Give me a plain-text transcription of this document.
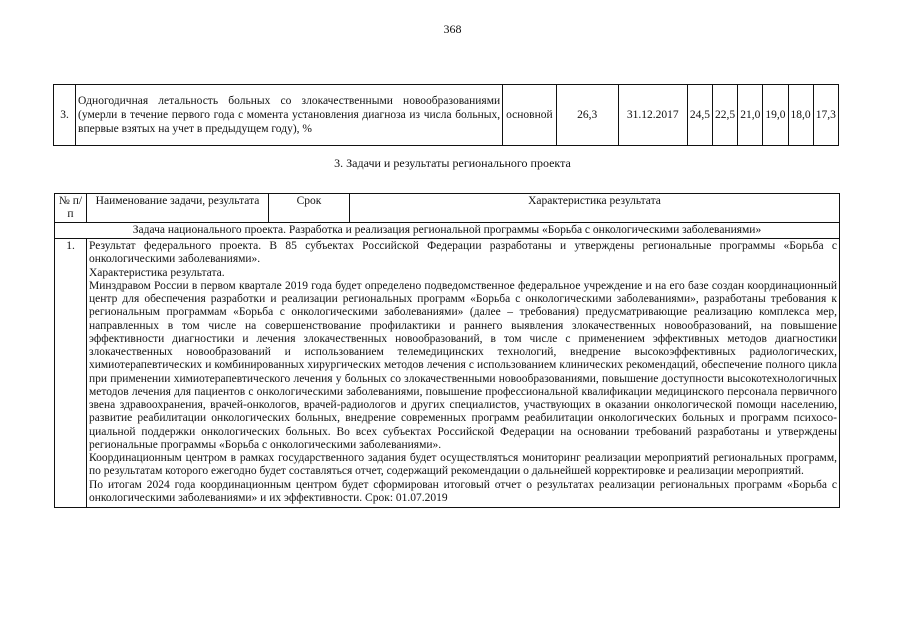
368
3.	Одногодичная летальность больных со злокачественными новообразованиями (умерли в течение первого года с момента установления диагноза из числа больных, впервые взятых на учет в предыдущем году), %	основной	26,3	31.12.2017	24,5	22,5	21,0	19,0	18,0	17,3
3. Задачи и результаты регионального проекта
№ п/п	Наименование задачи, результата	Срок	Характеристика результата
Задача национального проекта. Разработка и реализация региональной программы «Борьба с онкологическими заболеваниями»			
1.	Результат федерального проекта. В 85 субъектах Российской Федерации разработаны и утверждены региональные программы «Борьба с онкологическими заболеваниями».

Характеристика результата.

Минздравом России в первом квартале 2019 года будет определено подведомственное федеральное учреждение и на его базе создан координационный центр для обеспечения разработки и реализации региональных программ «Борьба с онкологическими заболеваниями», разработаны требования к региональным программам «Борьба с онкологическими заболеваниями» (далее – требования) предусматривающие реализацию комплекса мер, направленных в том числе на совершенствование профилактики и раннего выявления злокачественных новообразований, на повышение эффективности диагностики и лечения злокачественных новообразований, в том числе с применением эффективных методов диагностики злокачественных новообразований и использованием телемедицинских технологий, внедрение высокоэффективных радиологических, химиотерапевтических и комбинированных хирургических методов лечения с использованием клинических рекомендаций, обеспечение полного цикла при применении химиотерапевтического лечения у больных со злокачественными новообразованиями, повышение доступности высокотехнологичных методов лечения для пациентов с онкологическими заболеваниями, повышение профессиональной квалификации медицинского персонала первичного звена здравоохранения, врачей-онкологов, врачей-радиологов и других специалистов, участвующих в оказании онкологической помощи населению, развитие реабилитации онкологических больных, внедрение современных программ реабилитации онкологических больных и программ психосоциальной поддержки онкологических больных. Во всех субъектах Российской Федерации на основании требований разработаны и утверждены региональные программы «Борьба с онкологическими заболеваниями».

Координационным центром в рамках государственного задания будет осуществляться мониторинг реализации мероприятий региональных программ, по результатам которого ежегодно будет составляться отчет, содержащий рекомендации о дальнейшей корректировке и реализации мероприятий.

По итогам 2024 года координационным центром будет сформирован итоговый отчет о результатах реализации региональных программ «Борьба с онкологическими заболеваниями» и их эффективности. Срок: 01.07.2019		
